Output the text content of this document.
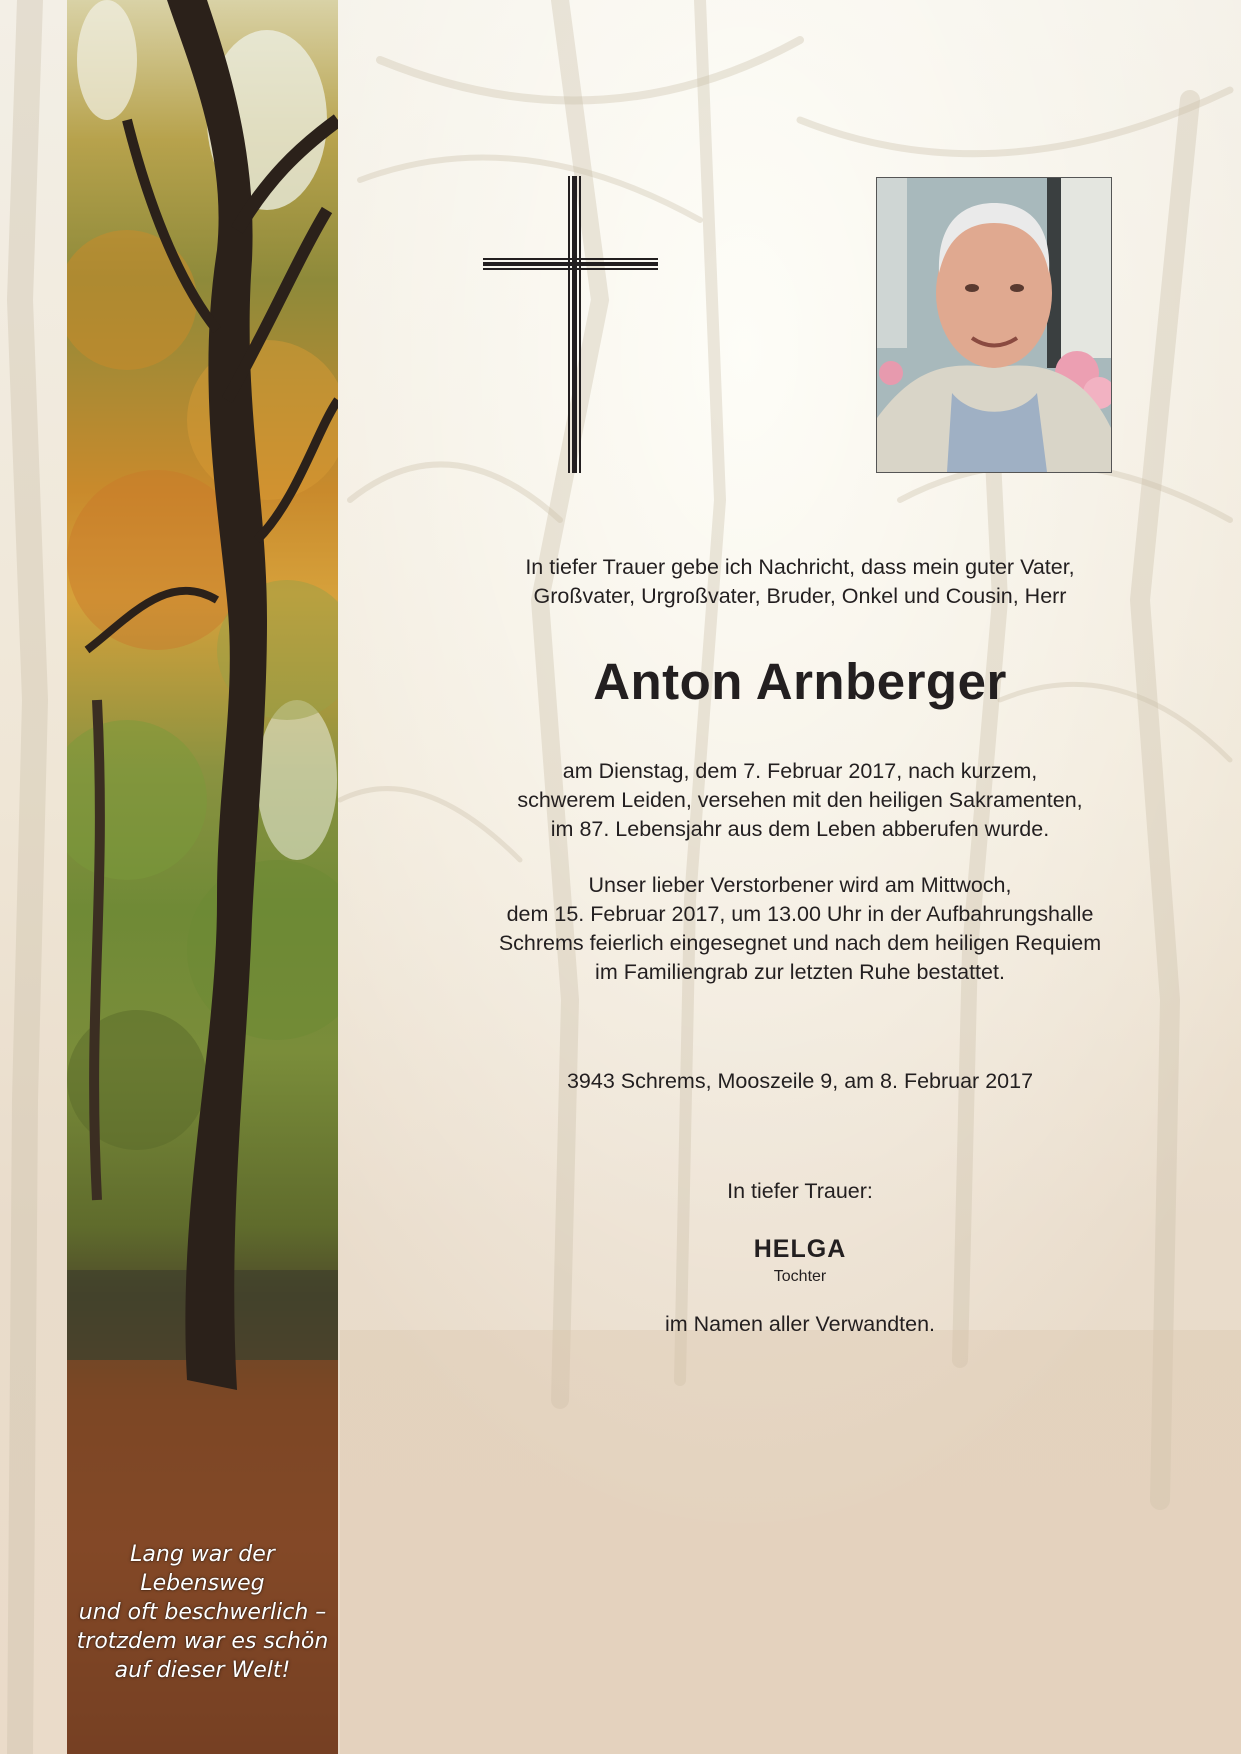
Lang war der Lebensweg
und oft beschwerlich –
trotzdem war es schön
auf dieser Welt!
In tiefer Trauer gebe ich Nachricht, dass mein guter Vater,
Großvater, Urgroßvater, Bruder, Onkel und Cousin, Herr
Anton Arnberger
am Dienstag, dem 7. Februar 2017, nach kurzem,
schwerem Leiden, versehen mit den heiligen Sakramenten,
im 87. Lebensjahr aus dem Leben abberufen wurde.
Unser lieber Verstorbener wird am Mittwoch,
dem 15. Februar 2017, um 13.00 Uhr in der Aufbahrungshalle
Schrems feierlich eingesegnet und nach dem heiligen Requiem
im Familiengrab zur letzten Ruhe bestattet.
3943 Schrems, Mooszeile 9, am 8. Februar 2017
In tiefer Trauer:
HELGA
Tochter
im Namen aller Verwandten.
